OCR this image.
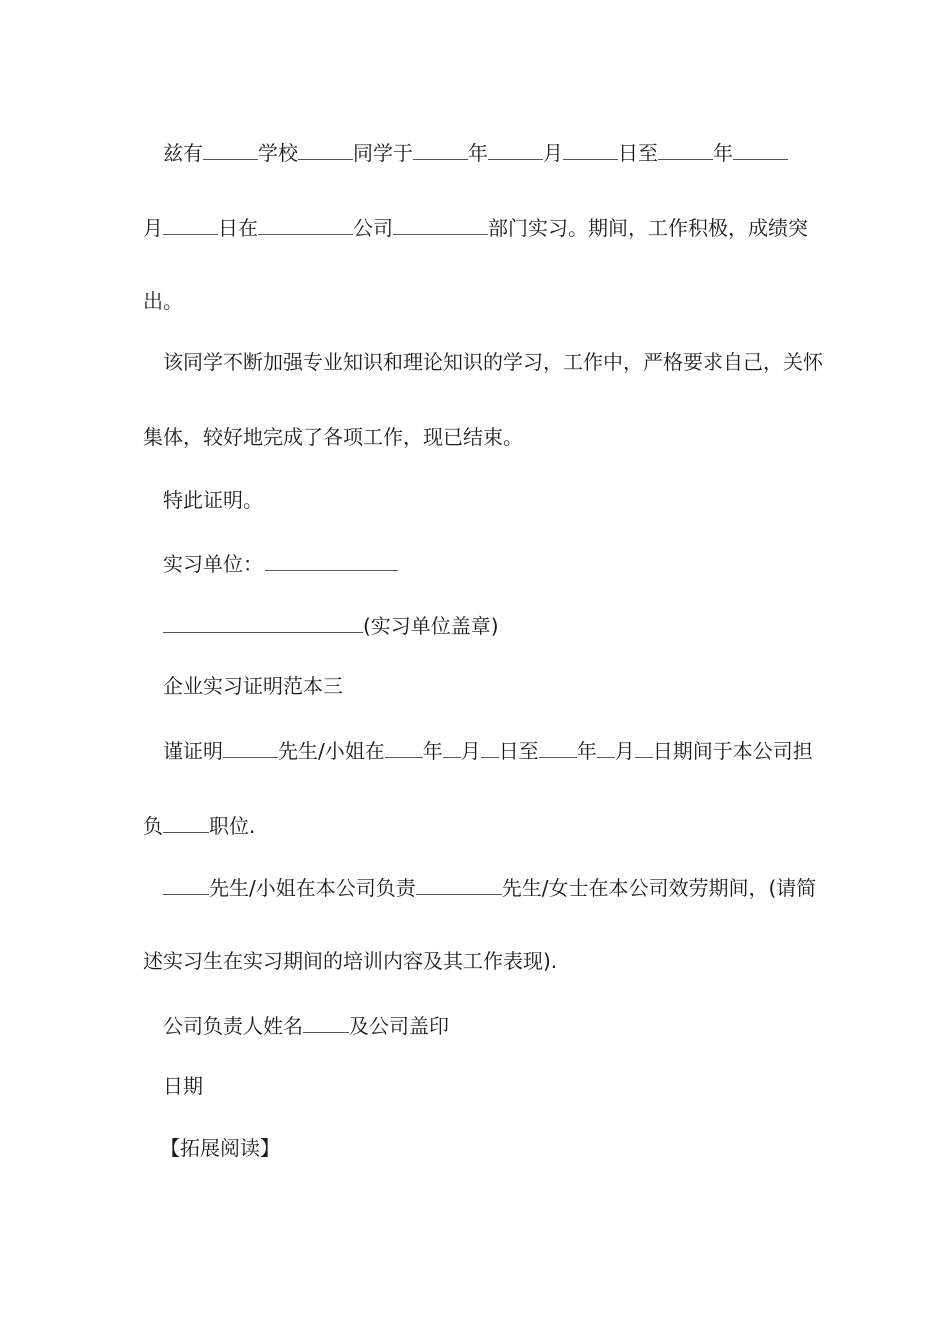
兹有	学校	同学于	年	月	日至	年
月	日在	公司	部门实习。期间，工作积极，成绩突
出。
该同学不断加强专业知识和理论知识的学习，工作中，严格要求自己，关怀
集体，较好地完成了各项工作，现已结束。
特此证明。
实习单位：
(实习单位盖章)
企业实习证明范本三
谨证明	先生/小姐在 年 月 日至 年 月 日期间于本公司担
负 职位.
先生/小姐在本公司负责	先生/女士在本公司效劳期间，(请简
述实习生在实习期间的培训内容及其工作表现).
公司负责人姓名 及公司盖印
日期
【拓展阅读】
